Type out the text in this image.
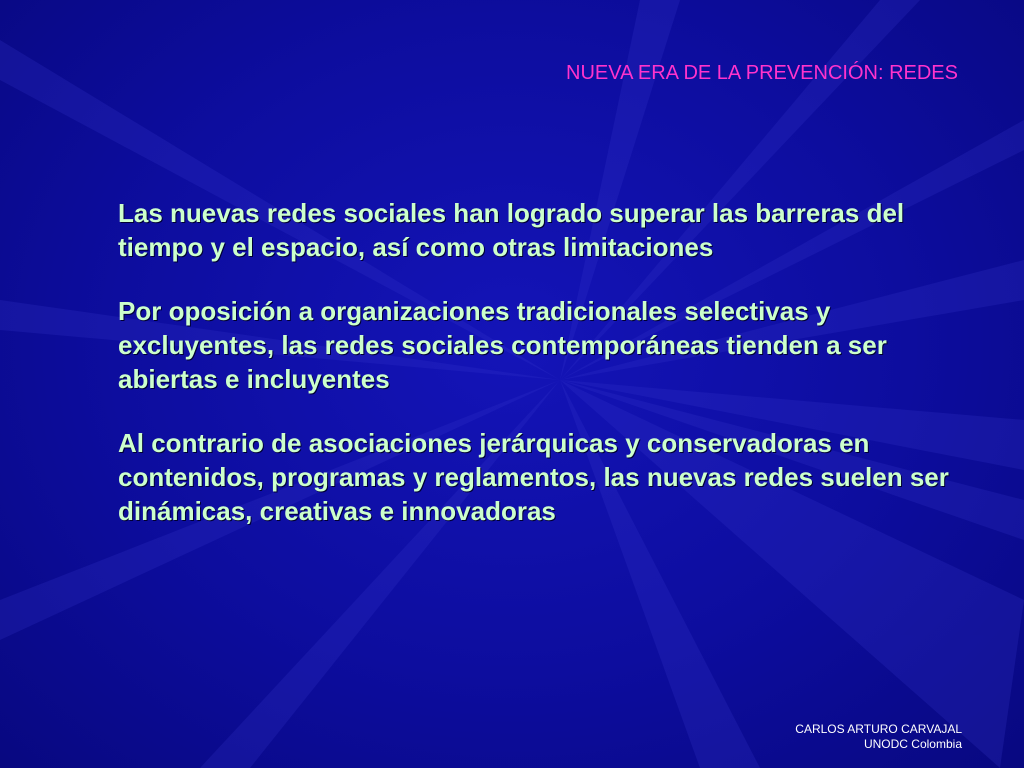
NUEVA ERA DE LA PREVENCIÓN: REDES

Las nuevas redes sociales han logrado superar las barreras del tiempo y el espacio, así como otras limitaciones

Por oposición a organizaciones tradicionales selectivas y excluyentes, las redes sociales contemporáneas tienden a ser abiertas e incluyentes

Al contrario de asociaciones jerárquicas y conservadoras en contenidos, programas y reglamentos, las nuevas redes suelen ser dinámicas, creativas e innovadoras

CARLOS ARTURO CARVAJAL
UNODC Colombia
